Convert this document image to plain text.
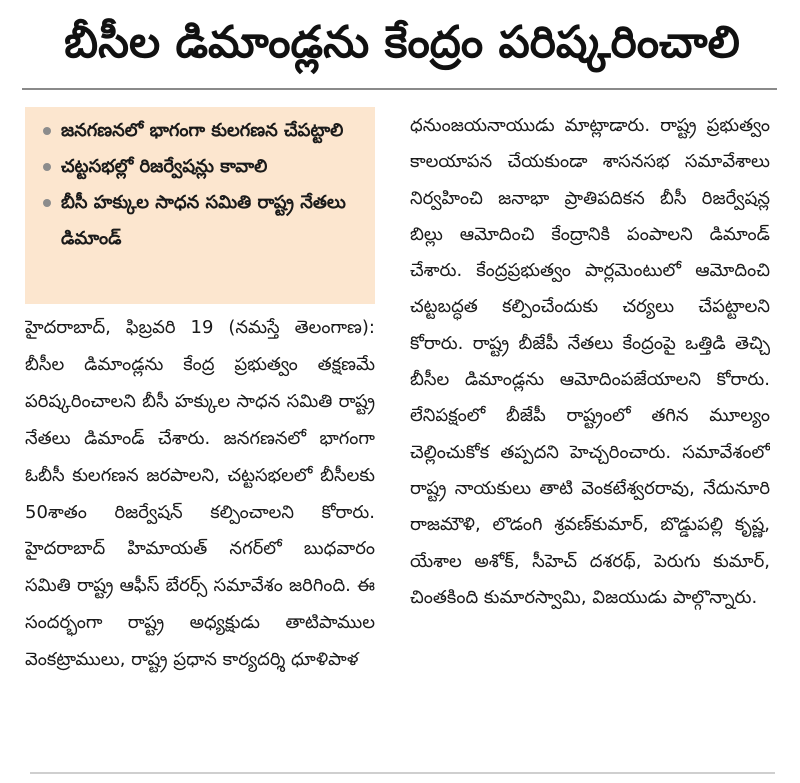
బీసీల డిమాండ్లను కేంద్రం పరిష్కరించాలి
జనగణనలో భాగంగా కులగణన చేపట్టాలి
చట్టసభల్లో రిజర్వేషన్లు కావాలి
బీసీ హక్కుల సాధన సమితి రాష్ట్ర నేతలు డిమాండ్

హైదరాబాద్, ఫిబ్రవరి 19 (నమస్తే తెలంగాణ): బీసీల డిమాండ్లను కేంద్ర ప్రభుత్వం తక్షణమే పరిష్కరించాలని బీసీ హక్కుల సాధన సమితి రాష్ట్ర నేతలు డిమాండ్ చేశారు. జనగణనలో భాగంగా ఓబీసీ కులగణన జరపాలని, చట్టసభలలో బీసీలకు 50శాతం రిజర్వేషన్ కల్పించాలని కోరారు. హైదరాబాద్ హిమాయత్ నగర్‌లో బుధవారం సమితి రాష్ట్ర ఆఫీస్ బేరర్స్ సమావేశం జరిగింది. ఈ సందర్భంగా రాష్ట్ర అధ్యక్షుడు తాటిపాముల వెంకట్రాములు, రాష్ట్ర ప్రధాన కార్యదర్శి ధూళిపాళ

ధనుంజయనాయుడు మాట్లాడారు. రాష్ట్ర ప్రభుత్వం కాలయాపన చేయకుండా శాసనసభ సమావేశాలు నిర్వహించి జనాభా ప్రాతిపదికన బీసీ రిజర్వేషన్ల బిల్లు ఆమోదించి కేంద్రానికి పంపాలని డిమాండ్ చేశారు. కేంద్రప్రభుత్వం పార్లమెంటులో ఆమోదించి చట్టబద్ధత కల్పించేందుకు చర్యలు చేపట్టాలని కోరారు. రాష్ట్ర బీజేపీ నేతలు కేంద్రంపై ఒత్తిడి తెచ్చి బీసీల డిమాండ్లను ఆమోదింపజేయాలని కోరారు. లేనిపక్షంలో బీజేపీ రాష్ట్రంలో తగిన మూల్యం చెల్లించుకోక తప్పదని హెచ్చరించారు. సమావేశంలో రాష్ట్ర నాయకులు తాటి వెంకటేశ్వరరావు, నేదునూరి రాజమౌళి, లొడంగి శ్రవణ్‌కుమార్, బొడ్డుపల్లి కృష్ణ, యేశాల అశోక్, సీహెచ్ దశరథ్, పెరుగు కుమార్, చింతకింది కుమారస్వామి, విజయుడు పాల్గొన్నారు.
